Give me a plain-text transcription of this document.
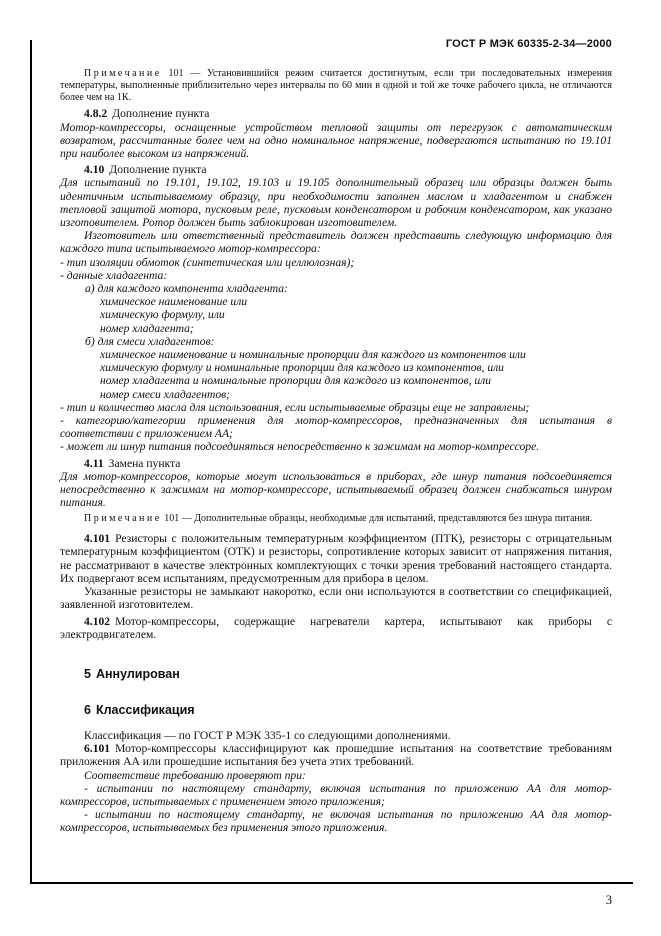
ГОСТ Р МЭК 60335-2-34—2000

Примечание 101 — Установившийся режим считается достигнутым, если три последовательных измерения температуры, выполненные приблизительно через интервалы по 60 мин в одной и той же точке рабочего цикла, не отличаются более чем на 1К.

4.8.2 Дополнение пункта

Мотор-компрессоры, оснащенные устройством тепловой защиты от перегрузок с автоматическим возвратом, рассчитанные более чем на одно номинальное напряжение, подвергаются испытанию по 19.101 при наиболее высоком из напряжений.

4.10 Дополнение пункта

Для испытаний по 19.101, 19.102, 19.103 и 19.105 дополнительный образец или образцы должен быть идентичным испытываемому образцу, при необходимости заполнен маслом и хладагентом и снабжен тепловой защитой мотора, пусковым реле, пусковым конденсатором и рабочим конденсатором, как указано изготовителем. Ротор должен быть заблокирован изготовителем.

Изготовитель или ответственный представитель должен представить следующую информацию для каждого типа испытываемого мотор-компрессора:

- тип изоляции обмоток (синтетическая или целлюлозная);

- данные хладагента:

а) для каждого компонента хладагента:

химическое наименование или

химическую формулу, или

номер хладагента;

б) для смеси хладагентов:

химическое наименование и номинальные пропорции для каждого из компонентов или

химическую формулу и номинальные пропорции для каждого из компонентов, или

номер хладагента и номинальные пропорции для каждого из компонентов, или

номер смеси хладагентов;

- тип и количество масла для использования, если испытываемые образцы еще не заправлены;

- категорию/категории применения для мотор-компрессоров, предназначенных для испытания в соответствии с приложением АА;

- может ли шнур питания подсоединяться непосредственно к зажимам на мотор-компрессоре.

4.11 Замена пункта

Для мотор-компрессоров, которые могут использоваться в приборах, где шнур питания подсоединяется непосредственно к зажимам на мотор-компрессоре, испытываемый образец должен снабжаться шнуром питания.

Примечание 101 — Дополнительные образцы, необходимые для испытаний, представляются без шнура питания.

4.101 Резисторы с положительным температурным коэффициентом (ПТК), резисторы с отрицательным температурным коэффициентом (ОТК) и резисторы, сопротивление которых зависит от напряжения питания, не рассматривают в качестве электронных комплектующих с точки зрения требований настоящего стандарта. Их подвергают всем испытаниям, предусмотренным для прибора в целом.

Указанные резисторы не замыкают накоротко, если они используются в соответствии со спецификацией, заявленной изготовителем.

4.102 Мотор-компрессоры, содержащие нагреватели картера, испытывают как приборы с электродвигателем.

5 Аннулирован

6 Классификация

Классификация — по ГОСТ Р МЭК 335-1 со следующими дополнениями.

6.101 Мотор-компрессоры классифицируют как прошедшие испытания на соответствие требованиям приложения АА или прошедшие испытания без учета этих требований.

Соответствие требованию проверяют при:

- испытании по настоящему стандарту, включая испытания по приложению АА для мотор-компрессоров, испытываемых с применением этого приложения;

- испытании по настоящему стандарту, не включая испытания по приложению АА для мотор-компрессоров, испытываемых без применения этого приложения.

3
